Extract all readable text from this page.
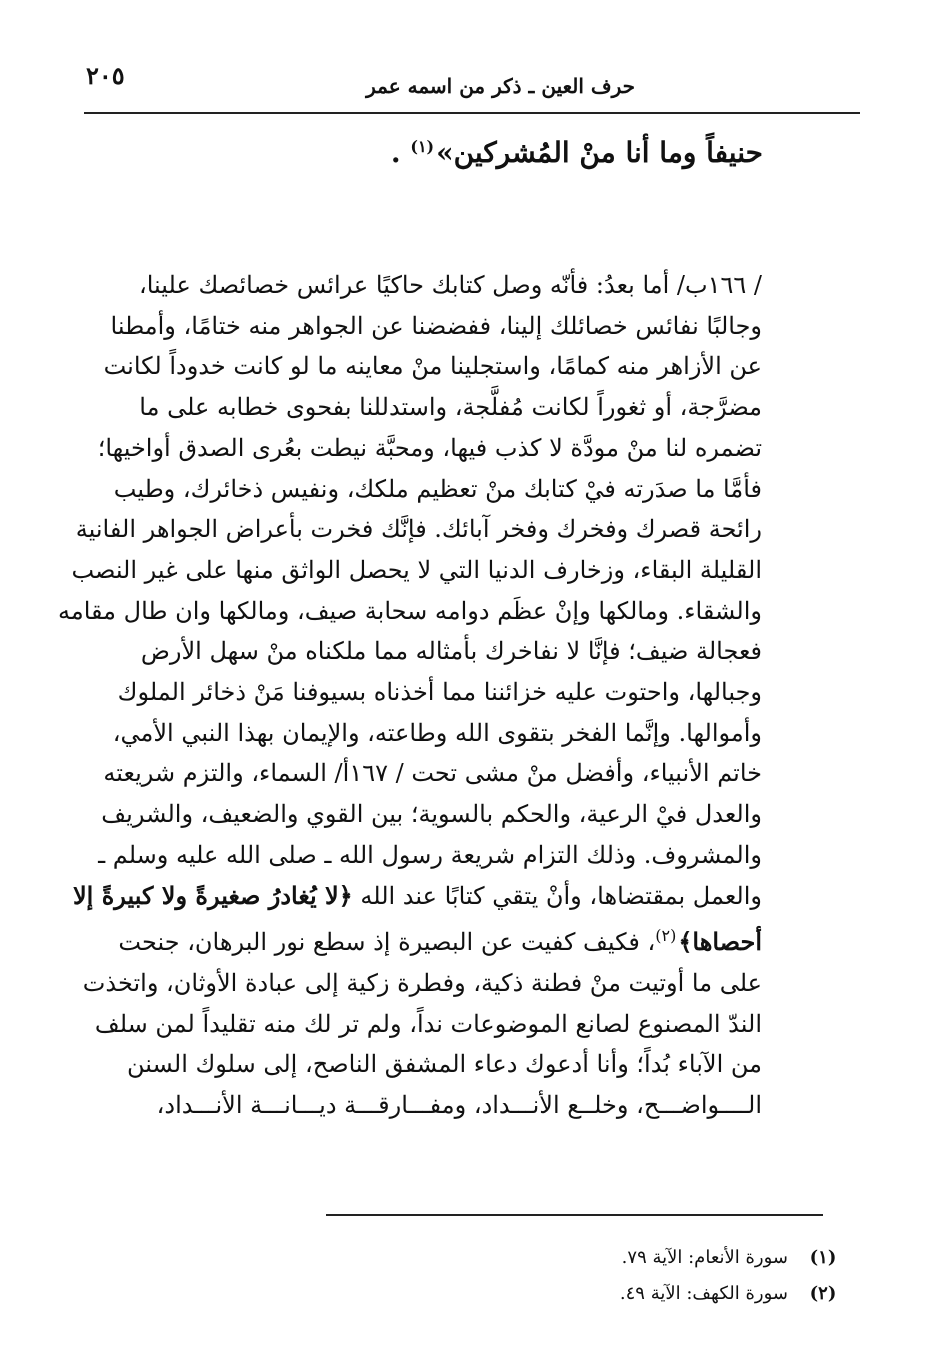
حرف العين ـ ذكر من اسمه عمر
٢٠٥
حنيفاً وما أنا منْ المُشركين»$^{(١)}$ .
/ ١٦٦ب/ أما بعدُ: فأنّه وصل كتابك حاكيًا عرائس خصائصك علينا،
وجالبًا نفائس خصائلك إلينا، ففضضنا عن الجواهر منه ختامًا، وأمطنا
عن الأزاهر منه كمامًا، واستجلينا منْ معاينه ما لو كانت خدوداً لكانت
مضرَّجة، أو ثغوراً لكانت مُفلَّجة، واستدللنا بفحوى خطابه على ما
تضمره لنا منْ مودَّة لا كذب فيها، ومحبَّة نيطت بعُرى الصدق أواخيها؛
فأمَّا ما صدَرته فيْ كتابك منْ تعظيم ملكك، ونفيس ذخائرك، وطيب
رائحة قصرك وفخرك وفخر آبائك. فإنَّك فخرت بأعراض الجواهر الفانية
القليلة البقاء، وزخارف الدنيا التي لا يحصل الواثق منها على غير النصب
والشقاء. ومالكها وإنْ عظَم دوامه سحابة صيف، ومالكها وان طال مقامه
فعجالة ضيف؛ فإنَّا لا نفاخرك بأمثاله مما ملكناه منْ سهل الأرض
وجبالها، واحتوت عليه خزائننا مما أخذناه بسيوفنا مَنْ ذخائر الملوك
وأموالها. وإنَّما الفخر بتقوى الله وطاعته، والإيمان بهذا النبي الأمي،
خاتم الأنبياء، وأفضل منْ مشى تحت / ١٦٧أ/ السماء، والتزم شريعته
والعدل فيْ الرعية، والحكم بالسوية؛ بين القوي والضعيف، والشريف
والمشروف. وذلك التزام شريعة رسول الله ـ صلى الله عليه وسلم ـ
والعمل بمقتضاها، وأنْ يتقي كتابًا عند الله ﴿لا يُغادرُ صغيرةً ولا كبيرةً إلا
أحصاها﴾$^{(٢)}$، فكيف كفيت عن البصيرة إذ سطع نور البرهان، جنحت
على ما أوتيت منْ فطنة ذكية، وفطرة زكية إلى عبادة الأوثان، واتخذت
الندّ المصنوع لصانع الموضوعات نداً، ولم تر لك منه تقليداً لمن سلف
من الآباء بُداً؛ وأنا أدعوك دعاء المشفق الناصح، إلى سلوك السنن
الــــواضـــح، وخلــع الأنـــداد، ومفـــارقـــة ديـــانـــة الأنـــداد،
(١)
سورة الأنعام: الآية ٧٩.
(٢)
سورة الكهف: الآية ٤٩.
